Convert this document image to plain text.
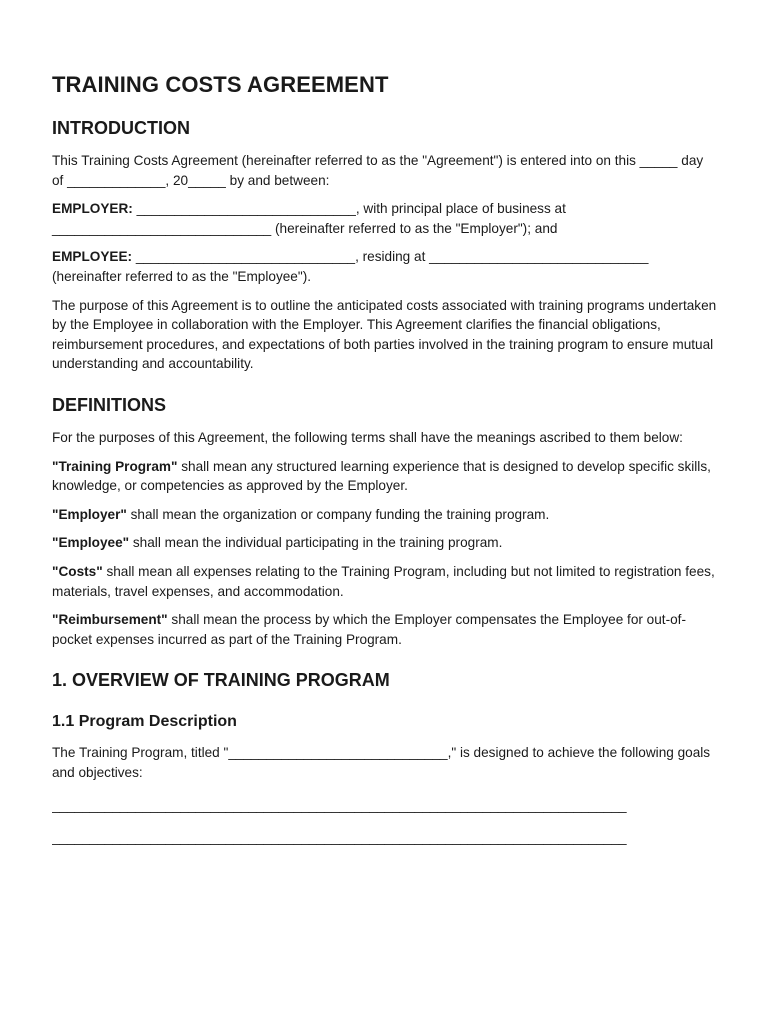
TRAINING COSTS AGREEMENT
INTRODUCTION

This Training Costs Agreement (hereinafter referred to as the "Agreement") is entered into on this _____ day of _____________, 20_____ by and between:

EMPLOYER: _____________________________, with principal place of business at _____________________________ (hereinafter referred to as the "Employer"); and

EMPLOYEE: _____________________________, residing at _____________________________ (hereinafter referred to as the "Employee").

The purpose of this Agreement is to outline the anticipated costs associated with training programs undertaken by the Employee in collaboration with the Employer. This Agreement clarifies the financial obligations, reimbursement procedures, and expectations of both parties involved in the training program to ensure mutual understanding and accountability.

DEFINITIONS

For the purposes of this Agreement, the following terms shall have the meanings ascribed to them below:

"Training Program" shall mean any structured learning experience that is designed to develop specific skills, knowledge, or competencies as approved by the Employer.

"Employer" shall mean the organization or company funding the training program.

"Employee" shall mean the individual participating in the training program.

"Costs" shall mean all expenses relating to the Training Program, including but not limited to registration fees, materials, travel expenses, and accommodation.

"Reimbursement" shall mean the process by which the Employer compensates the Employee for out-of-pocket expenses incurred as part of the Training Program.

1. OVERVIEW OF TRAINING PROGRAM
1.1 Program Description

The Training Program, titled "_____________________________," is designed to achieve the following goals and objectives:

____________________________________________________________________________
____________________________________________________________________________
